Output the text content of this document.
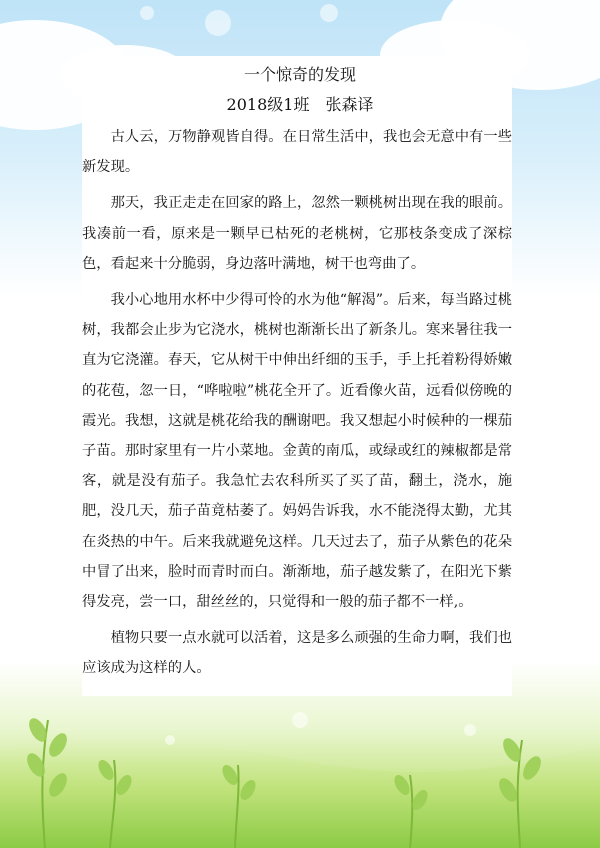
一个惊奇的发现
2018级1班　张森译

古人云，万物静观皆自得。在日常生活中，我也会无意中有一些新发现。

那天，我正走走在回家的路上，忽然一颗桃树出现在我的眼前。我凑前一看，原来是一颗早已枯死的老桃树，它那枝条变成了深棕色，看起来十分脆弱，身边落叶满地，树干也弯曲了。

我小心地用水杯中少得可怜的水为他“解渴”。后来，每当路过桃树，我都会止步为它浇水，桃树也渐渐长出了新条儿。寒来暑往我一直为它浇灌。春天，它从树干中伸出纤细的玉手，手上托着粉得娇嫩的花苞，忽一日，“哗啦啦”桃花全开了。近看像火苗，远看似傍晚的霞光。我想，这就是桃花给我的酬谢吧。我又想起小时候种的一棵茄子苗。那时家里有一片小菜地。金黄的南瓜，或绿或红的辣椒都是常客，就是没有茄子。我急忙去农科所买了买了苗，翻土，浇水，施肥，没几天，茄子苗竟枯萎了。妈妈告诉我，水不能浇得太勤，尤其在炎热的中午。后来我就避免这样。几天过去了，茄子从紫色的花朵中冒了出来，脸时而青时而白。渐渐地，茄子越发紫了，在阳光下紫得发亮，尝一口，甜丝丝的，只觉得和一般的茄子都不一样,。

植物只要一点水就可以活着，这是多么顽强的生命力啊，我们也应该成为这样的人。
